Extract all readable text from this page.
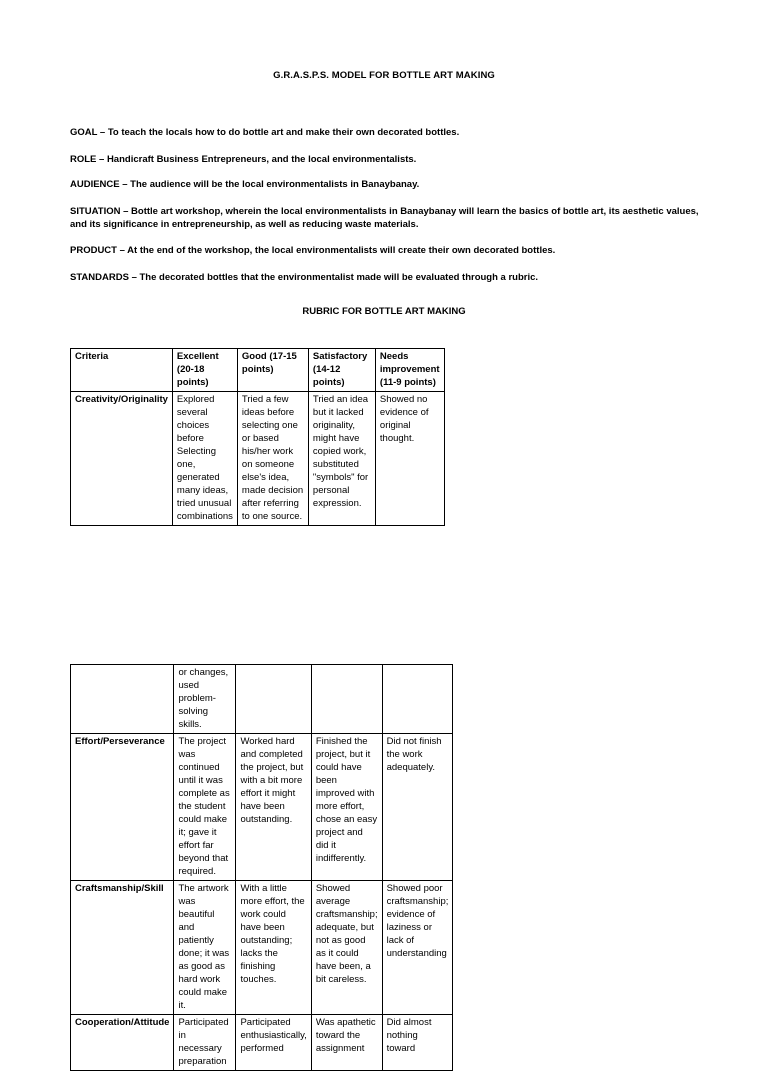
G.R.A.S.P.S. MODEL FOR BOTTLE ART MAKING
GOAL – To teach the locals how to do bottle art and make their own decorated bottles.
ROLE – Handicraft Business Entrepreneurs, and the local environmentalists.
AUDIENCE – The audience will be the local environmentalists in Banaybanay.
SITUATION – Bottle art workshop, wherein the local environmentalists in Banaybanay will learn the basics of bottle art, its aesthetic values, and its significance in entrepreneurship, as well as reducing waste materials.
PRODUCT – At the end of the workshop, the local environmentalists will create their own decorated bottles.
STANDARDS – The decorated bottles that the environmentalist made will be evaluated through a rubric.
RUBRIC FOR BOTTLE ART MAKING
Criteria	Excellent (20-18 points)	Good (17-15 points)	Satisfactory (14-12 points)	Needs improvement (11-9 points)
Creativity/Originality	Explored several choices before Selecting one, generated many ideas, tried unusual combinations	Tried a few ideas before selecting one or based his/her work on someone else's idea, made decision after referring to one source.	Tried an idea but it lacked originality, might have copied work, substituted "symbols" for personal expression.	Showed no evidence of original thought.
	or changes, used problem-solving skills.			
Effort/Perseverance	The project was continued until it was complete as the student could make it; gave it effort far beyond that required.	Worked hard and completed the project, but with a bit more effort it might have been outstanding.	Finished the project, but it could have been improved with more effort, chose an easy project and did it indifferently.	Did not finish the work adequately.
Craftsmanship/Skill	The artwork was beautiful and patiently done; it was as good as hard work could make it.	With a little more effort, the work could have been outstanding; lacks the finishing touches.	Showed average craftsmanship; adequate, but not as good as it could have been, a bit careless.	Showed poor craftsmanship; evidence of laziness or lack of understanding
Cooperation/Attitude	Participated in necessary preparation	Participated enthusiastically, performed	Was apathetic toward the assignment	Did almost nothing toward
